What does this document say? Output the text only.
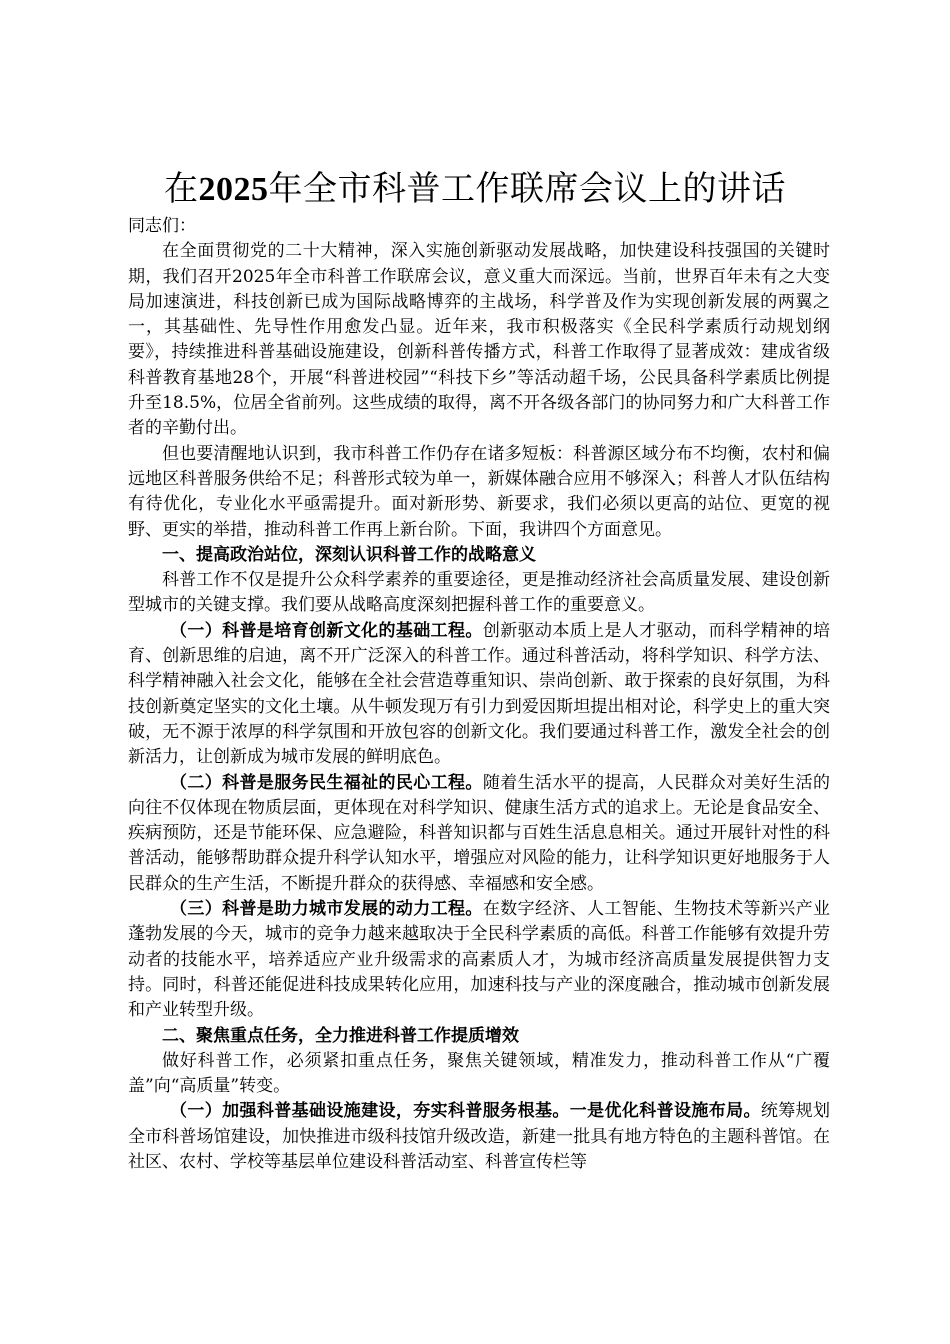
在2025年全市科普工作联席会议上的讲话

同志们：

在全面贯彻党的二十大精神，深入实施创新驱动发展战略，加快建设科技强国的关键时期，我们召开2025年全市科普工作联席会议，意义重大而深远。当前，世界百年未有之大变局加速演进，科技创新已成为国际战略博弈的主战场，科学普及作为实现创新发展的两翼之一，其基础性、先导性作用愈发凸显。近年来，我市积极落实《全民科学素质行动规划纲要》，持续推进科普基础设施建设，创新科普传播方式，科普工作取得了显著成效：建成省级科普教育基地28个，开展“科普进校园”“科技下乡”等活动超千场，公民具备科学素质比例提升至18.5%，位居全省前列。这些成绩的取得，离不开各级各部门的协同努力和广大科普工作者的辛勤付出。

但也要清醒地认识到，我市科普工作仍存在诸多短板：科普源区域分布不均衡，农村和偏远地区科普服务供给不足；科普形式较为单一，新媒体融合应用不够深入；科普人才队伍结构有待优化，专业化水平亟需提升。面对新形势、新要求，我们必须以更高的站位、更宽的视野、更实的举措，推动科普工作再上新台阶。下面，我讲四个方面意见。

一、提高政治站位，深刻认识科普工作的战略意义

科普工作不仅是提升公众科学素养的重要途径，更是推动经济社会高质量发展、建设创新型城市的关键支撑。我们要从战略高度深刻把握科普工作的重要意义。

（一）科普是培育创新文化的基础工程。创新驱动本质上是人才驱动，而科学精神的培育、创新思维的启迪，离不开广泛深入的科普工作。通过科普活动，将科学知识、科学方法、科学精神融入社会文化，能够在全社会营造尊重知识、崇尚创新、敢于探索的良好氛围，为科技创新奠定坚实的文化土壤。从牛顿发现万有引力到爱因斯坦提出相对论，科学史上的重大突破，无不源于浓厚的科学氛围和开放包容的创新文化。我们要通过科普工作，激发全社会的创新活力，让创新成为城市发展的鲜明底色。

（二）科普是服务民生福祉的民心工程。随着生活水平的提高，人民群众对美好生活的向往不仅体现在物质层面，更体现在对科学知识、健康生活方式的追求上。无论是食品安全、疾病预防，还是节能环保、应急避险，科普知识都与百姓生活息息相关。通过开展针对性的科普活动，能够帮助群众提升科学认知水平，增强应对风险的能力，让科学知识更好地服务于人民群众的生产生活，不断提升群众的获得感、幸福感和安全感。

（三）科普是助力城市发展的动力工程。在数字经济、人工智能、生物技术等新兴产业蓬勃发展的今天，城市的竞争力越来越取决于全民科学素质的高低。科普工作能够有效提升劳动者的技能水平，培养适应产业升级需求的高素质人才，为城市经济高质量发展提供智力支持。同时，科普还能促进科技成果转化应用，加速科技与产业的深度融合，推动城市创新发展和产业转型升级。

二、聚焦重点任务，全力推进科普工作提质增效

做好科普工作，必须紧扣重点任务，聚焦关键领域，精准发力，推动科普工作从“广覆盖”向“高质量”转变。

（一）加强科普基础设施建设，夯实科普服务根基。一是优化科普设施布局。统筹规划全市科普场馆建设，加快推进市级科技馆升级改造，新建一批具有地方特色的主题科普馆。在社区、农村、学校等基层单位建设科普活动室、科普宣传栏等
